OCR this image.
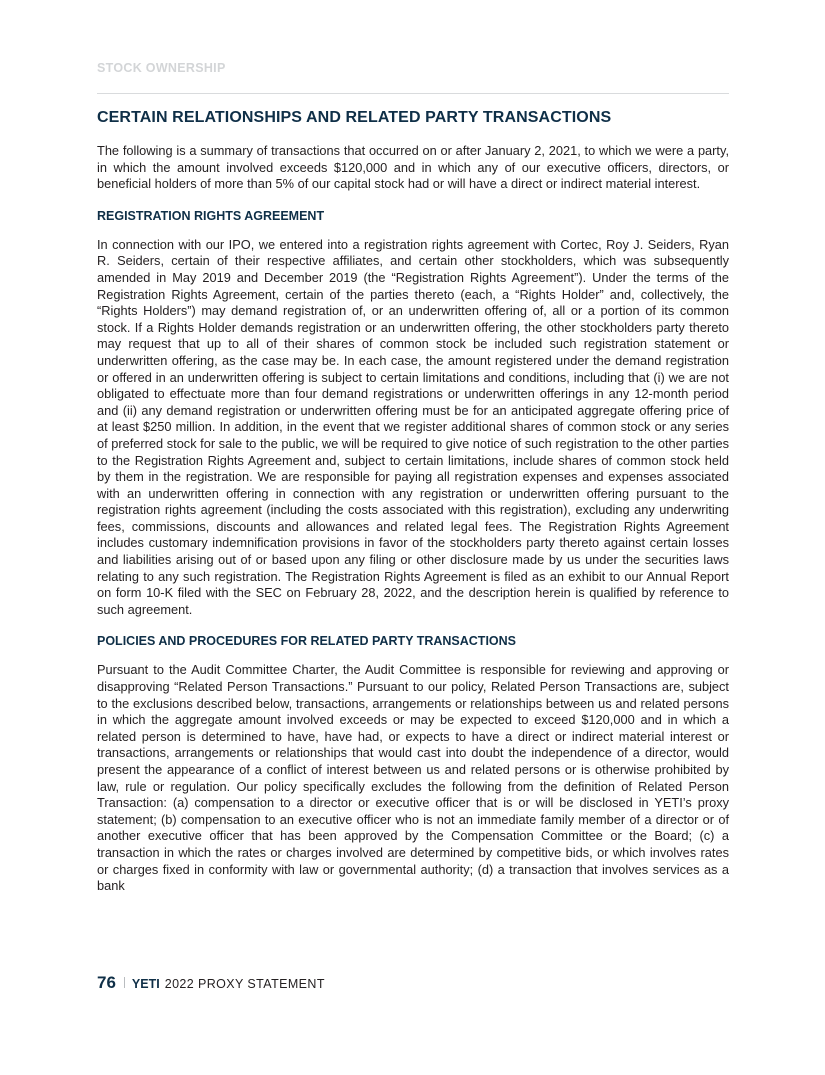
STOCK OWNERSHIP
CERTAIN RELATIONSHIPS AND RELATED PARTY TRANSACTIONS

The following is a summary of transactions that occurred on or after January 2, 2021, to which we were a party, in which the amount involved exceeds $120,000 and in which any of our executive officers, directors, or beneficial holders of more than 5% of our capital stock had or will have a direct or indirect material interest.

REGISTRATION RIGHTS AGREEMENT

In connection with our IPO, we entered into a registration rights agreement with Cortec, Roy J. Seiders, Ryan R. Seiders, certain of their respective affiliates, and certain other stockholders, which was subsequently amended in May 2019 and December 2019 (the “Registration Rights Agreement”). Under the terms of the Registration Rights Agreement, certain of the parties thereto (each, a “Rights Holder” and, collectively, the “Rights Holders”) may demand registration of, or an underwritten offering of, all or a portion of its common stock. If a Rights Holder demands registration or an underwritten offering, the other stockholders party thereto may request that up to all of their shares of common stock be included such registration statement or underwritten offering, as the case may be. In each case, the amount registered under the demand registration or offered in an underwritten offering is subject to certain limitations and conditions, including that (i) we are not obligated to effectuate more than four demand registrations or underwritten offerings in any 12-month period and (ii) any demand registration or underwritten offering must be for an anticipated aggregate offering price of at least $250 million. In addition, in the event that we register additional shares of common stock or any series of preferred stock for sale to the public, we will be required to give notice of such registration to the other parties to the Registration Rights Agreement and, subject to certain limitations, include shares of common stock held by them in the registration. We are responsible for paying all registration expenses and expenses associated with an underwritten offering in connection with any registration or underwritten offering pursuant to the registration rights agreement (including the costs associated with this registration), excluding any underwriting fees, commissions, discounts and allowances and related legal fees. The Registration Rights Agreement includes customary indemnification provisions in favor of the stockholders party thereto against certain losses and liabilities arising out of or based upon any filing or other disclosure made by us under the securities laws relating to any such registration. The Registration Rights Agreement is filed as an exhibit to our Annual Report on form 10-K filed with the SEC on February 28, 2022, and the description herein is qualified by reference to such agreement.

POLICIES AND PROCEDURES FOR RELATED PARTY TRANSACTIONS

Pursuant to the Audit Committee Charter, the Audit Committee is responsible for reviewing and approving or disapproving “Related Person Transactions.” Pursuant to our policy, Related Person Transactions are, subject to the exclusions described below, transactions, arrangements or relationships between us and related persons in which the aggregate amount involved exceeds or may be expected to exceed $120,000 and in which a related person is determined to have, have had, or expects to have a direct or indirect material interest or transactions, arrangements or relationships that would cast into doubt the independence of a director, would present the appearance of a conflict of interest between us and related persons or is otherwise prohibited by law, rule or regulation. Our policy specifically excludes the following from the definition of Related Person Transaction: (a) compensation to a director or executive officer that is or will be disclosed in YETI’s proxy statement; (b) compensation to an executive officer who is not an immediate family member of a director or of another executive officer that has been approved by the Compensation Committee or the Board; (c) a transaction in which the rates or charges involved are determined by competitive bids, or which involves rates or charges fixed in conformity with law or governmental authority; (d) a transaction that involves services as a bank

76 YETI 2022 PROXY STATEMENT
